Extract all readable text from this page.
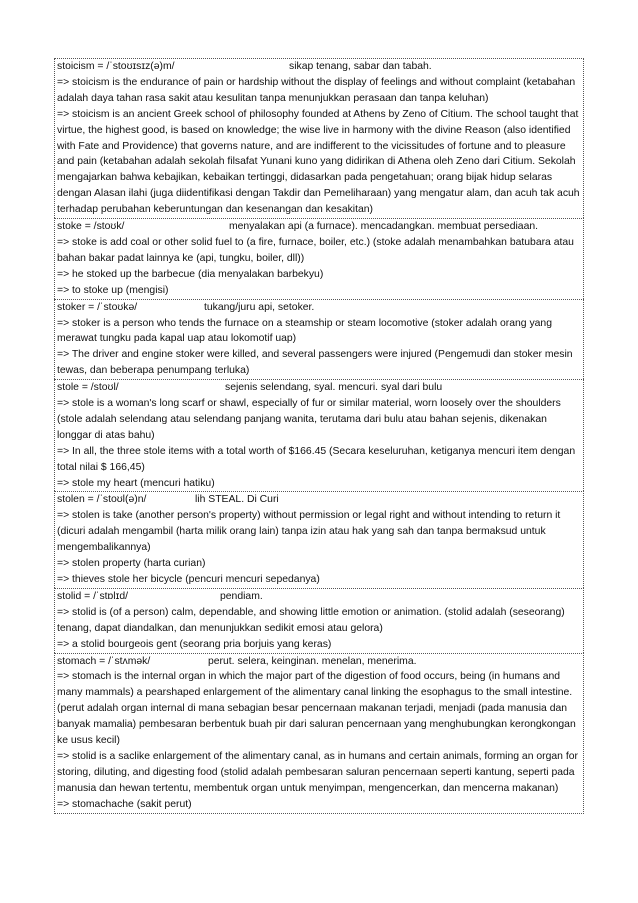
stoicism = /ˈstoʊɪsɪz(ə)m/	sikap tenang, sabar dan tabah.
=> stoicism is the endurance of pain or hardship without the display of feelings and without complaint (ketabahan adalah daya tahan rasa sakit atau kesulitan tanpa menunjukkan perasaan dan tanpa keluhan)
=> stoicism is an ancient Greek school of philosophy founded at Athens by Zeno of Citium. The school taught that virtue, the highest good, is based on knowledge; the wise live in harmony with the divine Reason (also identified with Fate and Providence) that governs nature, and are indifferent to the vicissitudes of fortune and to pleasure and pain (ketabahan adalah sekolah filsafat Yunani kuno yang didirikan di Athena oleh Zeno dari Citium. Sekolah mengajarkan bahwa kebajikan, kebaikan tertinggi, didasarkan pada pengetahuan; orang bijak hidup selaras dengan Alasan ilahi (juga diidentifikasi dengan Takdir dan Pemeliharaan) yang mengatur alam, dan acuh tak acuh terhadap perubahan keberuntungan dan kesenangan dan kesakitan)
stoke = /stoʊk/	menyalakan api (a furnace). mencadangkan. membuat persediaan.
=> stoke is add coal or other solid fuel to (a fire, furnace, boiler, etc.) (stoke adalah menambahkan batubara atau bahan bakar padat lainnya ke (api, tungku, boiler, dll))
=> he stoked up the barbecue (dia menyalakan barbekyu)
=> to stoke up (mengisi)
stoker = /ˈstoʊkə/	tukang/juru api, setoker.
=> stoker is a person who tends the furnace on a steamship or steam locomotive (stoker adalah orang yang merawat tungku pada kapal uap atau lokomotif uap)
=> The driver and engine stoker were killed, and several passengers were injured (Pengemudi dan stoker mesin tewas, dan beberapa penumpang terluka)
stole = /stoʊl/	sejenis selendang, syal. mencuri. syal dari bulu
=> stole is a woman's long scarf or shawl, especially of fur or similar material, worn loosely over the shoulders (stole adalah selendang atau selendang panjang wanita, terutama dari bulu atau bahan sejenis, dikenakan longgar di atas bahu)
=> In all, the three stole items with a total worth of $166.45 (Secara keseluruhan, ketiganya mencuri item dengan total nilai $ 166,45)
=> stole my heart (mencuri hatiku)
stolen = /ˈstoʊl(ə)n/	lih STEAL. Di Curi
=> stolen is take (another person's property) without permission or legal right and without intending to return it (dicuri adalah mengambil (harta milik orang lain) tanpa izin atau hak yang sah dan tanpa bermaksud untuk mengembalikannya)
=> stolen property (harta curian)
=> thieves stole her bicycle (pencuri mencuri sepedanya)
stolid = /ˈstɒlɪd/	pendiam.
=> stolid is (of a person) calm, dependable, and showing little emotion or animation. (stolid adalah (seseorang) tenang, dapat diandalkan, dan menunjukkan sedikit emosi atau gelora)
=> a stolid bourgeois gent (seorang pria borjuis yang keras)
stomach = /ˈstʌmək/	perut. selera, keinginan. menelan, menerima.
=> stomach is the internal organ in which the major part of the digestion of food occurs, being (in humans and many mammals) a pearshaped enlargement of the alimentary canal linking the esophagus to the small intestine. (perut adalah organ internal di mana sebagian besar pencernaan makanan terjadi, menjadi (pada manusia dan banyak mamalia) pembesaran berbentuk buah pir dari saluran pencernaan yang menghubungkan kerongkongan ke usus kecil)
=> stolid is a saclike enlargement of the alimentary canal, as in humans and certain animals, forming an organ for storing, diluting, and digesting food (stolid adalah pembesaran saluran pencernaan seperti kantung, seperti pada manusia dan hewan tertentu, membentuk organ untuk menyimpan, mengencerkan, dan mencerna makanan)
=> stomachache (sakit perut)
